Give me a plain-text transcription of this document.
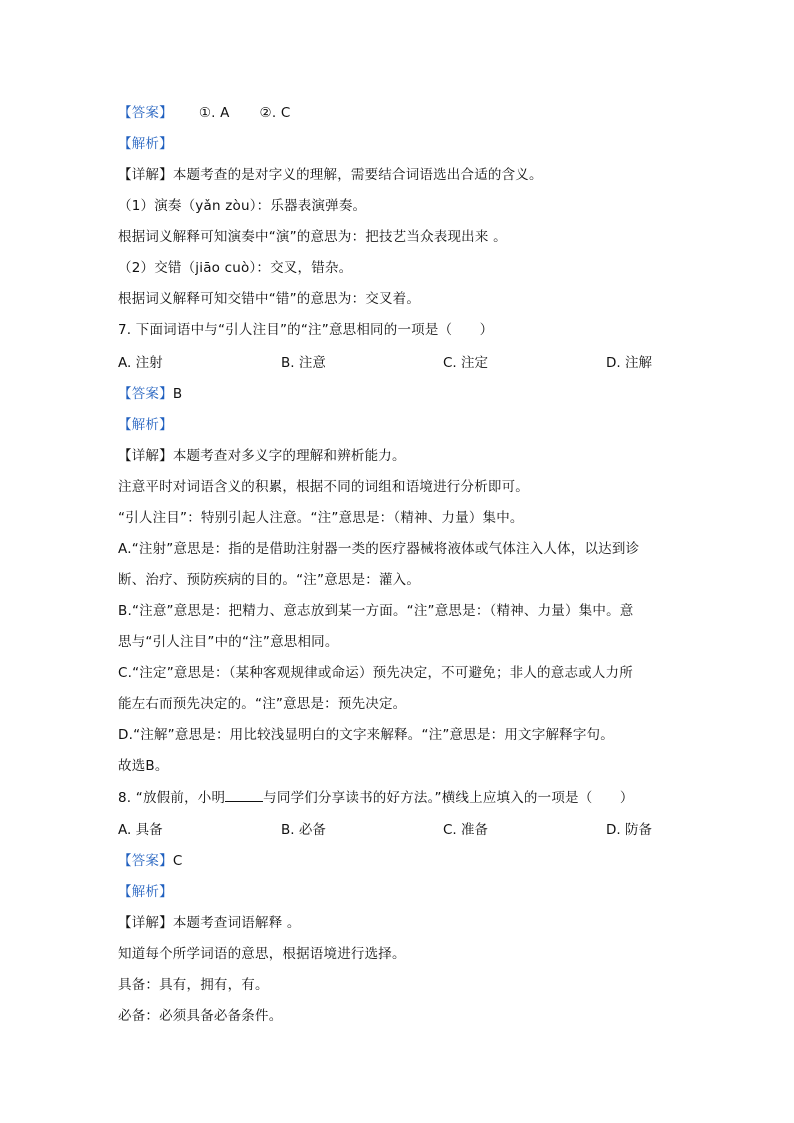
【答案】 ①. A ②. C
【解析】
【详解】本题考查的是对字义的理解，需要结合词语选出合适的含义。
（1）演奏（yǎn zòu）：乐器表演弹奏。
根据词义解释可知演奏中“演”的意思为：把技艺当众表现出来 。
（2）交错（jiāo cuò）：交叉，错杂。
根据词义解释可知交错中“错”的意思为：交叉着。
7. 下面词语中与“引人注目”的“注”意思相同的一项是（　　）
A. 注射	B. 注意	C. 注定	D. 注解
【答案】B
【解析】
【详解】本题考查对多义字的理解和辨析能力。
注意平时对词语含义的积累，根据不同的词组和语境进行分析即可。
“引人注目”：特别引起人注意。“注”意思是：（精神、力量）集中。
A.“注射”意思是：指的是借助注射器一类的医疗器械将液体或气体注入人体，以达到诊
断、治疗、预防疾病的目的。“注”意思是：灌入。
B.“注意”意思是：把精力、意志放到某一方面。“注”意思是：（精神、力量）集中。意
思与“引人注目”中的“注”意思相同。
C.“注定”意思是：（某种客观规律或命运）预先决定，不可避免；非人的意志或人力所
能左右而预先决定的。“注”意思是：预先决定。
D.“注解”意思是：用比较浅显明白的文字来解释。“注”意思是：用文字解释字句。
故选B。
8. “放假前，小明	与同学们分享读书的好方法。”横线上应填入的一项是（　　）
A. 具备	B. 必备	C. 准备	D. 防备
【答案】C
【解析】
【详解】本题考查词语解释 。
知道每个所学词语的意思，根据语境进行选择。
具备：具有，拥有，有。
必备：必须具备必备条件。
